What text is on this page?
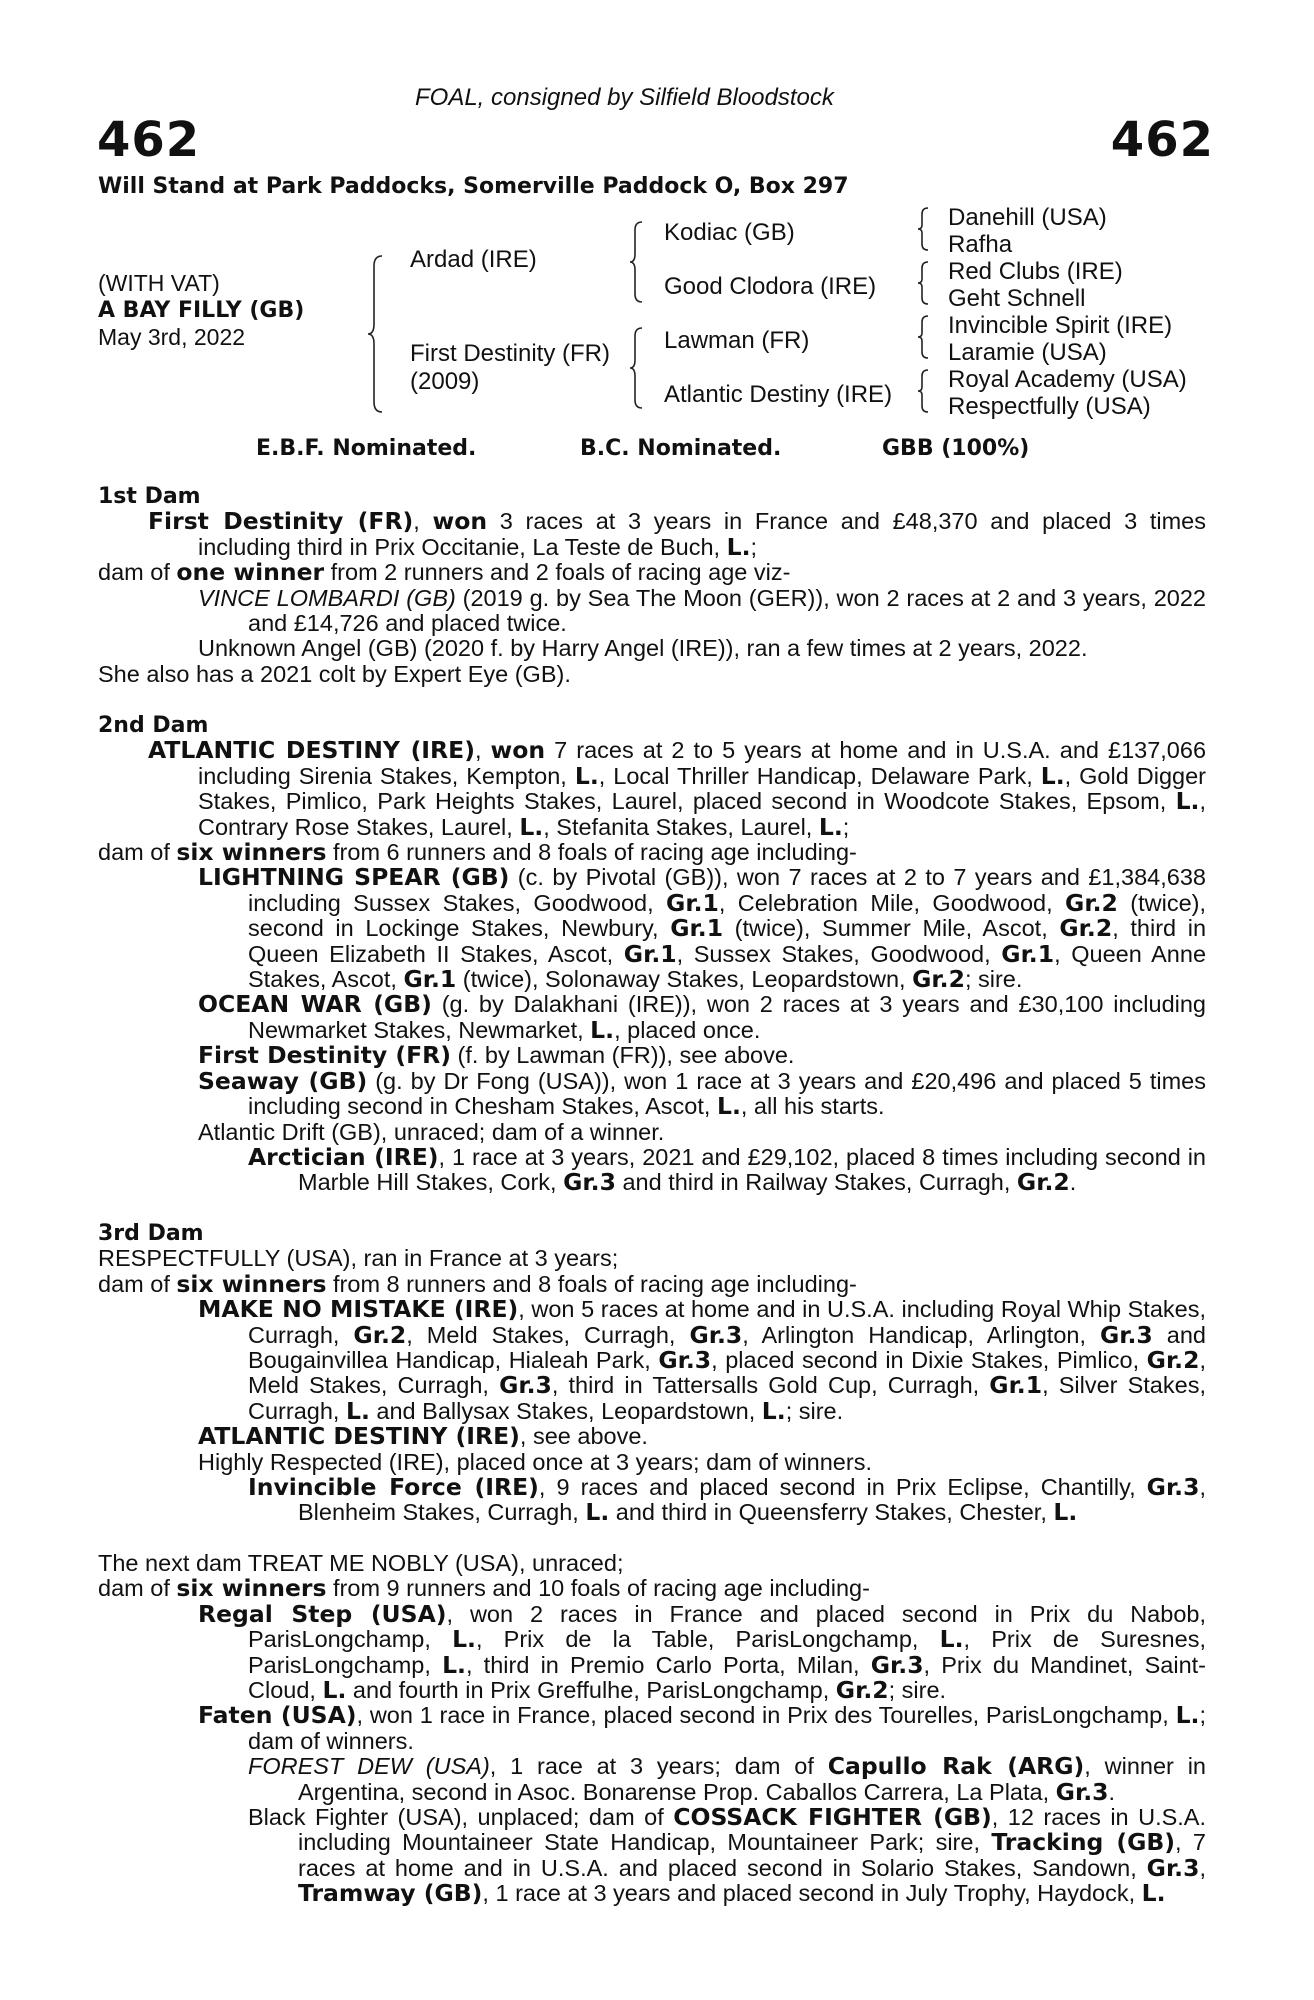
FOAL, consigned by Silfield Bloodstock
462	462
Will Stand at Park Paddocks, Somerville Paddock O, Box 297
(WITH VAT)
A BAY FILLY (GB)
May 3rd, 2022
Ardad (IRE)
First Destinity (FR)
(2009)
Kodiac (GB)
Good Clodora (IRE)
Lawman (FR)
Atlantic Destiny (IRE)
Danehill (USA)
Rafha
Red Clubs (IRE)
Geht Schnell
Invincible Spirit (IRE)
Laramie (USA)
Royal Academy (USA)
Respectfully (USA)
E.B.F. Nominated.	B.C. Nominated.	GBB (100%)

1st Dam

First Destinity (FR), won 3 races at 3 years in France and £48,370 and placed 3 times including third in Prix Occitanie, La Teste de Buch, L.;

dam of one winner from 2 runners and 2 foals of racing age viz-

VINCE LOMBARDI (GB) (2019 g. by Sea The Moon (GER)), won 2 races at 2 and 3 years, 2022 and £14,726 and placed twice.

Unknown Angel (GB) (2020 f. by Harry Angel (IRE)), ran a few times at 2 years, 2022.

She also has a 2021 colt by Expert Eye (GB).

2nd Dam

ATLANTIC DESTINY (IRE), won 7 races at 2 to 5 years at home and in U.S.A. and £137,066 including Sirenia Stakes, Kempton, L., Local Thriller Handicap, Delaware Park, L., Gold Digger Stakes, Pimlico, Park Heights Stakes, Laurel, placed second in Woodcote Stakes, Epsom, L., Contrary Rose Stakes, Laurel, L., Stefanita Stakes, Laurel, L.;

dam of six winners from 6 runners and 8 foals of racing age including-

LIGHTNING SPEAR (GB) (c. by Pivotal (GB)), won 7 races at 2 to 7 years and £1,384,638 including Sussex Stakes, Goodwood, Gr.1, Celebration Mile, Goodwood, Gr.2 (twice), second in Lockinge Stakes, Newbury, Gr.1 (twice), Summer Mile, Ascot, Gr.2, third in Queen Elizabeth II Stakes, Ascot, Gr.1, Sussex Stakes, Goodwood, Gr.1, Queen Anne Stakes, Ascot, Gr.1 (twice), Solonaway Stakes, Leopardstown, Gr.2; sire.

OCEAN WAR (GB) (g. by Dalakhani (IRE)), won 2 races at 3 years and £30,100 including Newmarket Stakes, Newmarket, L., placed once.

First Destinity (FR) (f. by Lawman (FR)), see above.

Seaway (GB) (g. by Dr Fong (USA)), won 1 race at 3 years and £20,496 and placed 5 times including second in Chesham Stakes, Ascot, L., all his starts.

Atlantic Drift (GB), unraced; dam of a winner.

Arctician (IRE), 1 race at 3 years, 2021 and £29,102, placed 8 times including second in Marble Hill Stakes, Cork, Gr.3 and third in Railway Stakes, Curragh, Gr.2.

3rd Dam

RESPECTFULLY (USA), ran in France at 3 years;

dam of six winners from 8 runners and 8 foals of racing age including-

MAKE NO MISTAKE (IRE), won 5 races at home and in U.S.A. including Royal Whip Stakes, Curragh, Gr.2, Meld Stakes, Curragh, Gr.3, Arlington Handicap, Arlington, Gr.3 and Bougainvillea Handicap, Hialeah Park, Gr.3, placed second in Dixie Stakes, Pimlico, Gr.2, Meld Stakes, Curragh, Gr.3, third in Tattersalls Gold Cup, Curragh, Gr.1, Silver Stakes, Curragh, L. and Ballysax Stakes, Leopardstown, L.; sire.

ATLANTIC DESTINY (IRE), see above.

Highly Respected (IRE), placed once at 3 years; dam of winners.

Invincible Force (IRE), 9 races and placed second in Prix Eclipse, Chantilly, Gr.3, Blenheim Stakes, Curragh, L. and third in Queensferry Stakes, Chester, L.

The next dam TREAT ME NOBLY (USA), unraced;

dam of six winners from 9 runners and 10 foals of racing age including-

Regal Step (USA), won 2 races in France and placed second in Prix du Nabob, ParisLongchamp, L., Prix de la Table, ParisLongchamp, L., Prix de Suresnes, ParisLongchamp, L., third in Premio Carlo Porta, Milan, Gr.3, Prix du Mandinet, Saint-Cloud, L. and fourth in Prix Greffulhe, ParisLongchamp, Gr.2; sire.

Faten (USA), won 1 race in France, placed second in Prix des Tourelles, ParisLongchamp, L.; dam of winners.

FOREST DEW (USA), 1 race at 3 years; dam of Capullo Rak (ARG), winner in Argentina, second in Asoc. Bonarense Prop. Caballos Carrera, La Plata, Gr.3.

Black Fighter (USA), unplaced; dam of COSSACK FIGHTER (GB), 12 races in U.S.A. including Mountaineer State Handicap, Mountaineer Park; sire, Tracking (GB), 7 races at home and in U.S.A. and placed second in Solario Stakes, Sandown, Gr.3, Tramway (GB), 1 race at 3 years and placed second in July Trophy, Haydock, L.
